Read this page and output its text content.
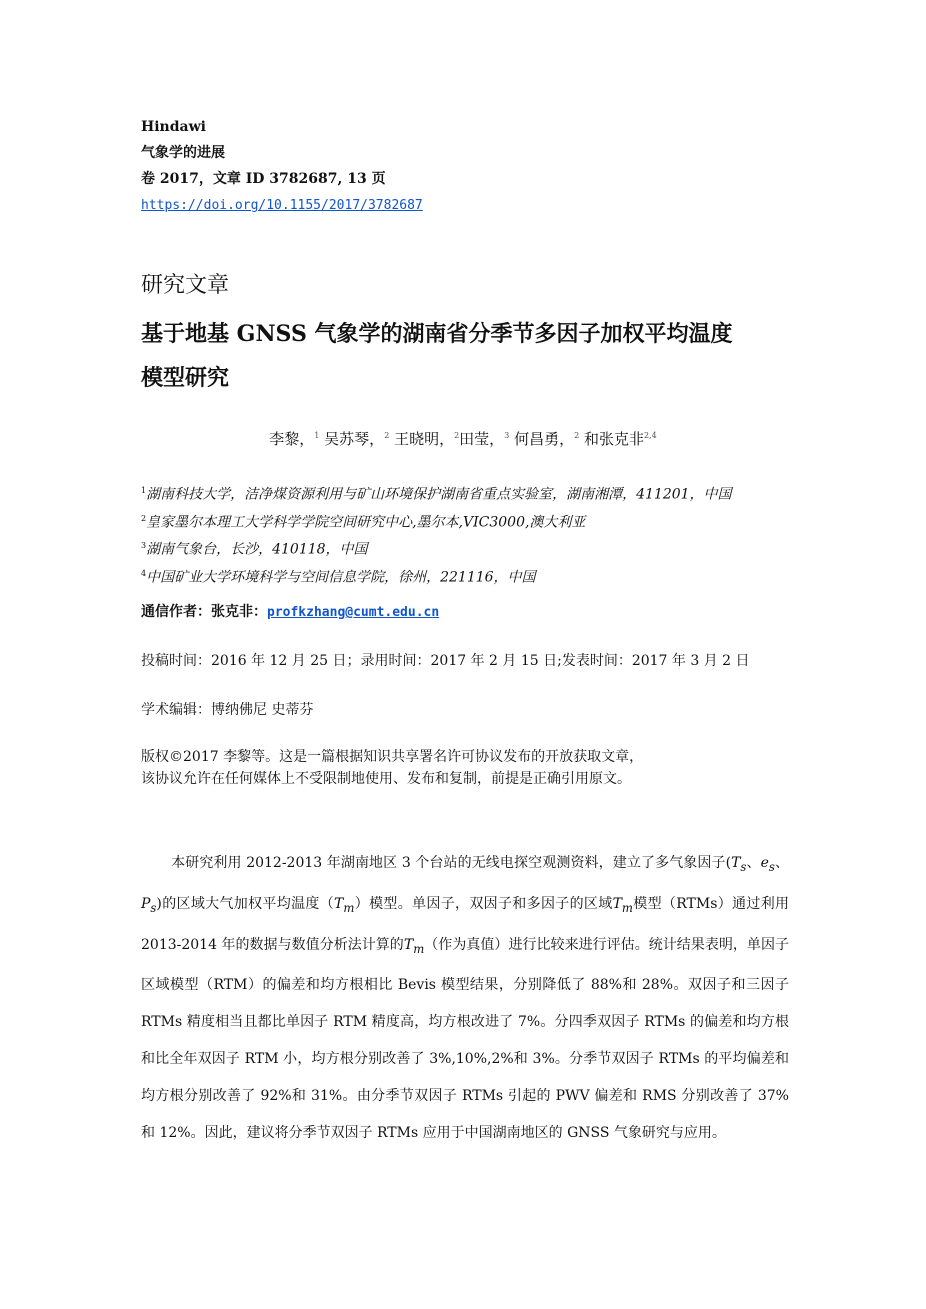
Hindawi
气象学的进展
卷 2017，文章 ID 3782687, 13 页
https://doi.org/10.1155/2017/3782687
研究文章
基于地基 GNSS 气象学的湖南省分季节多因子加权平均温度
模型研究
李黎，$^1$ 吴苏琴，$^2$ 王晓明，$^2$田莹，$^3$ 何昌勇，$^2$ 和张克非$^{2,4}$
$^1$湖南科技大学，洁净煤资源利用与矿山环境保护湖南省重点实验室，湖南湘潭，411201，中国
$^2$皇家墨尔本理工大学科学学院空间研究中心,墨尔本,VIC3000,澳大利亚
$^3$湖南气象台，长沙，410118，中国
$^4$中国矿业大学环境科学与空间信息学院，徐州，221116，中国
通信作者：张克非：profkzhang@cumt.edu.cn
投稿时间：2016 年 12 月 25 日；录用时间：2017 年 2 月 15 日;发表时间：2017 年 3 月 2 日
学术编辑：博纳佛尼 史蒂芬
版权©2017 李黎等。这是一篇根据知识共享署名许可协议发布的开放获取文章，
该协议允许在任何媒体上不受限制地使用、发布和复制，前提是正确引用原文。
本研究利用 2012-2013 年湖南地区 3 个台站的无线电探空观测资料，建立了多气象因子($T_s$、$e_s$、$P_s$)的区域大气加权平均温度$(T_m)$模型。单因子，双因子和多因子的区域$T_m$模型（RTMs）通过利用 2013-2014 年的数据与数值分析法计算的$T_m$（作为真值）进行比较来进行评估。统计结果表明，单因子区域模型（RTM）的偏差和均方根相比 Bevis 模型结果，分别降低了 88%和 28%。双因子和三因子 RTMs 精度相当且都比单因子 RTM 精度高，均方根改进了 7%。分四季双因子 RTMs 的偏差和均方根和比全年双因子 RTM 小，均方根分别改善了 3%,10%,2%和 3%。分季节双因子 RTMs 的平均偏差和均方根分别改善了 92%和 31%。由分季节双因子 RTMs 引起的 PWV 偏差和 RMS 分别改善了 37%和 12%。因此，建议将分季节双因子 RTMs 应用于中国湖南地区的 GNSS 气象研究与应用。
